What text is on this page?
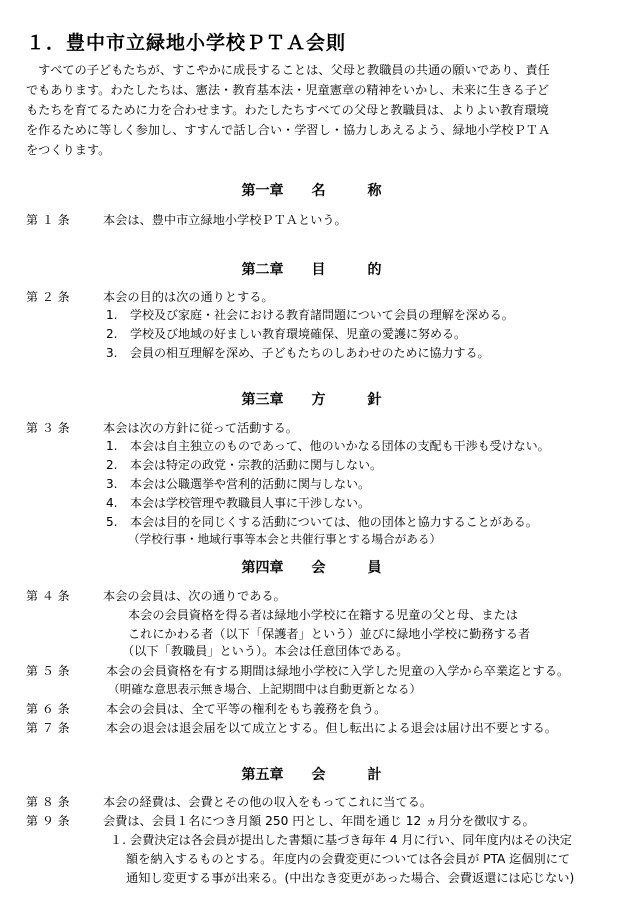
１．豊中市立緑地小学校ＰＴＡ会則
　すべての子どもたちが、すこやかに成長することは、父母と教職員の共通の願いであり、責任
でもあります。わたしたちは、憲法・教育基本法・児童憲章の精神をいかし、未来に生きる子ど
もたちを育てるために力を合わせます。わたしたちすべての父母と教職員は、よりよい教育環境
を作るために等しく参加し、すすんで話し合い・学習し・協力しあえるよう、緑地小学校ＰＴＡ
をつくります。
第一章　　名　　　称
第 １ 条	本会は、豊中市立緑地小学校ＰＴＡという。
第二章　　目　　　的
第 ２ 条	本会の目的は次の通りとする。
1. 学校及び家庭・社会における教育諸問題について会員の理解を深める。
2. 学校及び地域の好ましい教育環境確保、児童の愛護に努める。
3. 会員の相互理解を深め、子どもたちのしあわせのために協力する。
第三章　　方　　　針
第 ３ 条	本会は次の方針に従って活動する。
1. 本会は自主独立のものであって、他のいかなる団体の支配も干渉も受けない。
2. 本会は特定の政党・宗教的活動に関与しない。
3. 本会は公職選挙や営利的活動に関与しない。
4. 本会は学校管理や教職員人事に干渉しない。
5. 本会は目的を同じくする活動については、他の団体と協力することがある。
（学校行事・地域行事等本会と共催行事とする場合がある）
第四章　　会　　　員
第 ４ 条	本会の会員は、次の通りである。
本会の会員資格を得る者は緑地小学校に在籍する児童の父と母、または
これにかわる者（以下「保護者」という）並びに緑地小学校に勤務する者
（以下「教職員」という）。本会は任意団体である。
第 ５ 条	本会の会員資格を有する期間は緑地小学校に入学した児童の入学から卒業迄とする。
（明確な意思表示無き場合、上記期間中は自動更新となる）
第 ６ 条	本会の会員は、全て平等の権利をもち義務を負う。
第 ７ 条	本会の退会は退会届を以て成立とする。但し転出による退会は届け出不要とする。
第五章　　会　　　計
第 ８ 条	本会の経費は、会費とその他の収入をもってこれに当てる。
第 ９ 条	会費は、会員１名につき月額 250 円とし、年間を通じ 12 ヵ月分を徴収する。
１. 会費決定は各会員が提出した書類に基づき毎年 4 月に行い、同年度内はその決定
　 額を納入するものとする。年度内の会費変更については各会員が PTA 迄個別にて
　 通知し変更する事が出来る。(中出なき変更があった場合、会費返還には応じない)
